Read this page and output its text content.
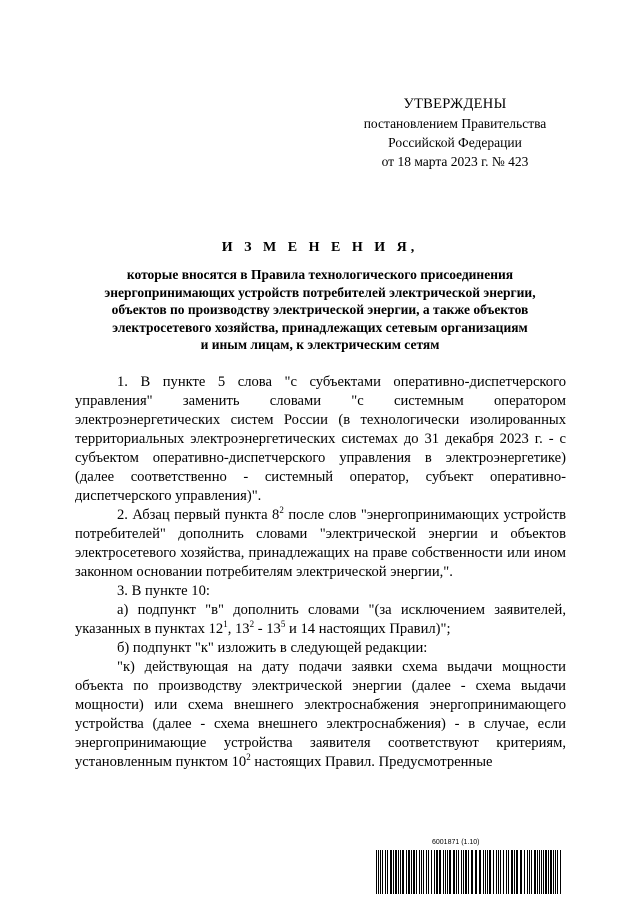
УТВЕРЖДЕНЫ
постановлением Правительства
Российской Федерации
от 18 марта 2023 г. № 423
И З М Е Н Е Н И Я,
которые вносятся в Правила технологического присоединения
энергопринимающих устройств потребителей электрической энергии,
объектов по производству электрической энергии, а также объектов
электросетевого хозяйства, принадлежащих сетевым организациям
и иным лицам, к электрическим сетям

1. В пункте 5 слова "с субъектами оперативно-диспетчерского управления" заменить словами "с системным оператором электроэнергетических систем России (в технологически изолированных территориальных электроэнергетических системах до 31 декабря 2023 г. - с субъектом оперативно-диспетчерского управления в электроэнергетике) (далее соответственно - системный оператор, субъект оперативно-диспетчерского управления)".

2. Абзац первый пункта $8^2$ после слов "энергопринимающих устройств потребителей" дополнить словами "электрической энергии и объектов электросетевого хозяйства, принадлежащих на праве собственности или ином законном основании потребителям электрической энергии,".

3. В пункте 10:

а) подпункт "в" дополнить словами "(за исключением заявителей, указанных в пунктах $12^1$, $13^2 - 13^5$ и 14 настоящих Правил)";

б) подпункт "к" изложить в следующей редакции:

"к) действующая на дату подачи заявки схема выдачи мощности объекта по производству электрической энергии (далее - схема выдачи мощности) или схема внешнего электроснабжения энергопринимающего устройства (далее - схема внешнего электроснабжения) - в случае, если энергопринимающие устройства заявителя соответствуют критериям, установленным пунктом $10^2$ настоящих Правил. Предусмотренные

6001871 (1.10)
